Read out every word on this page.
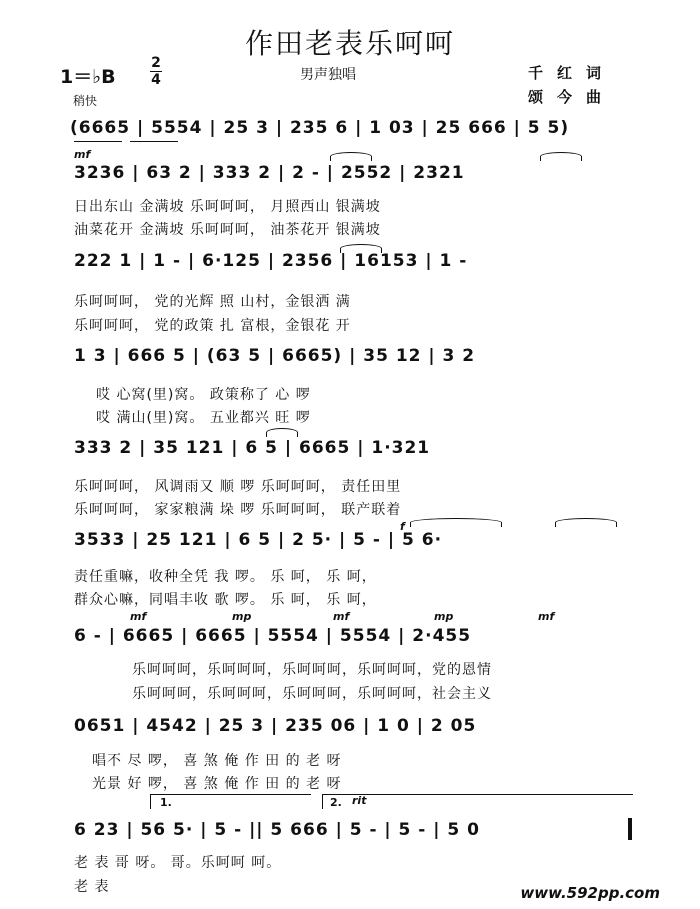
作田老表乐呵呵
1＝♭B
2
4
稍快
男声独唱	千红词
颂今曲
(6665 | 5554 | 25 3 | 235 6 | 1 03 | 25 666 | 5 5)
mf
3236 | 63 2 | 333 2 | 2 - | 2552 | 2321
日出东山 金满坡 乐呵呵呵， 月照西山 银满坡
油菜花开 金满坡 乐呵呵呵， 油茶花开 银满坡
222 1 | 1 - | 6·125 | 2356 | 16153 | 1 -
乐呵呵呵， 党的光辉 照 山村，金银洒 满
乐呵呵呵， 党的政策 扎 富根，金银花 开
1 3 | 666 5 | (63 5 | 6665) | 35 12 | 3 2
哎 心窝(里)窝。 政策称了 心 啰
哎 满山(里)窝。 五业都兴 旺 啰
333 2 | 35 121 | 6 5 | 6665 | 1·321
乐呵呵呵， 风调雨又 顺 啰 乐呵呵呵， 责任田里
乐呵呵呵， 家家粮满 垛 啰 乐呵呵呵， 联产联着
f
3533 | 25 121 | 6 5 | 2 5· | 5 - | 5 6·
责任重嘛，收种全凭 我 啰。 乐 呵， 乐 呵，
群众心嘛，同唱丰收 歌 啰。 乐 呵， 乐 呵，
mf	mp	mf	mp	mf
6 - | 6665 | 6665 | 5554 | 5554 | 2·455
乐呵呵呵，乐呵呵呵，乐呵呵呵，乐呵呵呵，党的恩情
乐呵呵呵，乐呵呵呵，乐呵呵呵，乐呵呵呵，社会主义
0651 | 4542 | 25 3 | 235 06 | 1 0 | 2 05
唱不 尽 啰， 喜 煞 俺 作 田 的 老 呀
光景 好 啰， 喜 煞 俺 作 田 的 老 呀
1.	2. rit
6 23 | 56 5· | 5 - || 5 666 | 5 - | 5 - | 5 0
老 表 哥 呀。 哥。乐呵呵 呵。
老 表	www.592pp.com
